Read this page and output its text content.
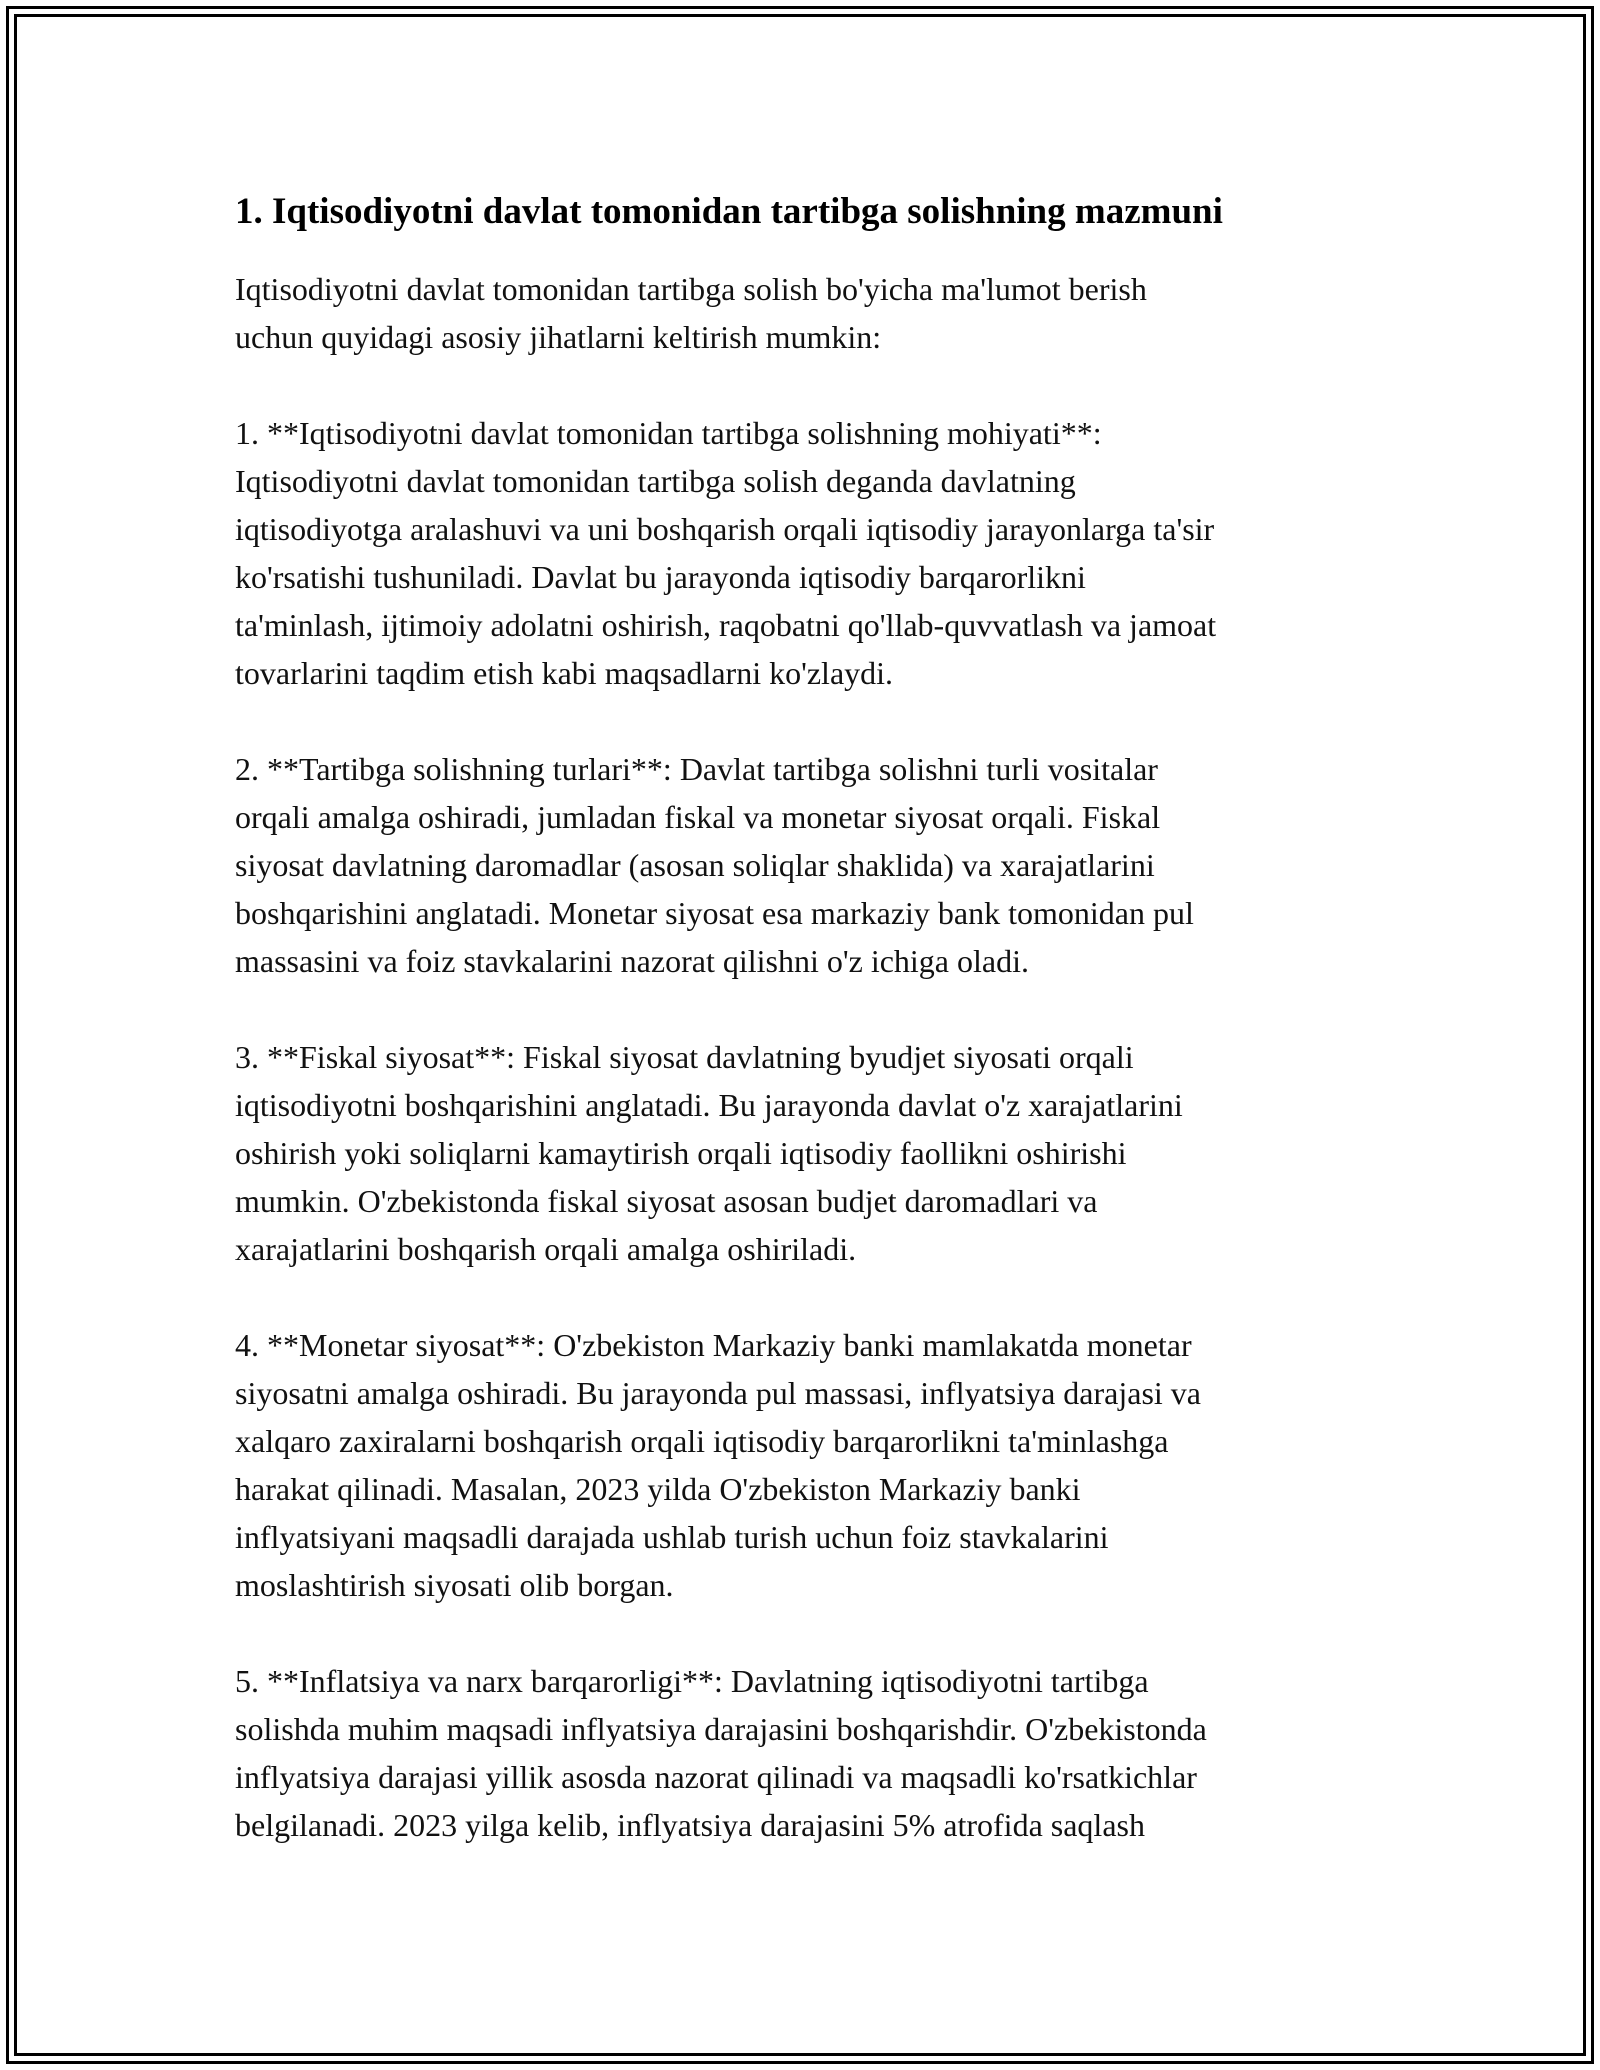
1. Iqtisodiyotni davlat tomonidan tartibga solishning mazmuni

Iqtisodiyotni davlat tomonidan tartibga solish bo'yicha ma'lumot berish
uchun quyidagi asosiy jihatlarni keltirish mumkin:

1. **Iqtisodiyotni davlat tomonidan tartibga solishning mohiyati**:
Iqtisodiyotni davlat tomonidan tartibga solish deganda davlatning
iqtisodiyotga aralashuvi va uni boshqarish orqali iqtisodiy jarayonlarga ta'sir
ko'rsatishi tushuniladi. Davlat bu jarayonda iqtisodiy barqarorlikni
ta'minlash, ijtimoiy adolatni oshirish, raqobatni qo'llab-quvvatlash va jamoat
tovarlarini taqdim etish kabi maqsadlarni ko'zlaydi.

2. **Tartibga solishning turlari**: Davlat tartibga solishni turli vositalar
orqali amalga oshiradi, jumladan fiskal va monetar siyosat orqali. Fiskal
siyosat davlatning daromadlar (asosan soliqlar shaklida) va xarajatlarini
boshqarishini anglatadi. Monetar siyosat esa markaziy bank tomonidan pul
massasini va foiz stavkalarini nazorat qilishni o'z ichiga oladi.

3. **Fiskal siyosat**: Fiskal siyosat davlatning byudjet siyosati orqali
iqtisodiyotni boshqarishini anglatadi. Bu jarayonda davlat o'z xarajatlarini
oshirish yoki soliqlarni kamaytirish orqali iqtisodiy faollikni oshirishi
mumkin. O'zbekistonda fiskal siyosat asosan budjet daromadlari va
xarajatlarini boshqarish orqali amalga oshiriladi.

4. **Monetar siyosat**: O'zbekiston Markaziy banki mamlakatda monetar
siyosatni amalga oshiradi. Bu jarayonda pul massasi, inflyatsiya darajasi va
xalqaro zaxiralarni boshqarish orqali iqtisodiy barqarorlikni ta'minlashga
harakat qilinadi. Masalan, 2023 yilda O'zbekiston Markaziy banki
inflyatsiyani maqsadli darajada ushlab turish uchun foiz stavkalarini
moslashtirish siyosati olib borgan.

5. **Inflatsiya va narx barqarorligi**: Davlatning iqtisodiyotni tartibga
solishda muhim maqsadi inflyatsiya darajasini boshqarishdir. O'zbekistonda
inflyatsiya darajasi yillik asosda nazorat qilinadi va maqsadli ko'rsatkichlar
belgilanadi. 2023 yilga kelib, inflyatsiya darajasini 5% atrofida saqlash
